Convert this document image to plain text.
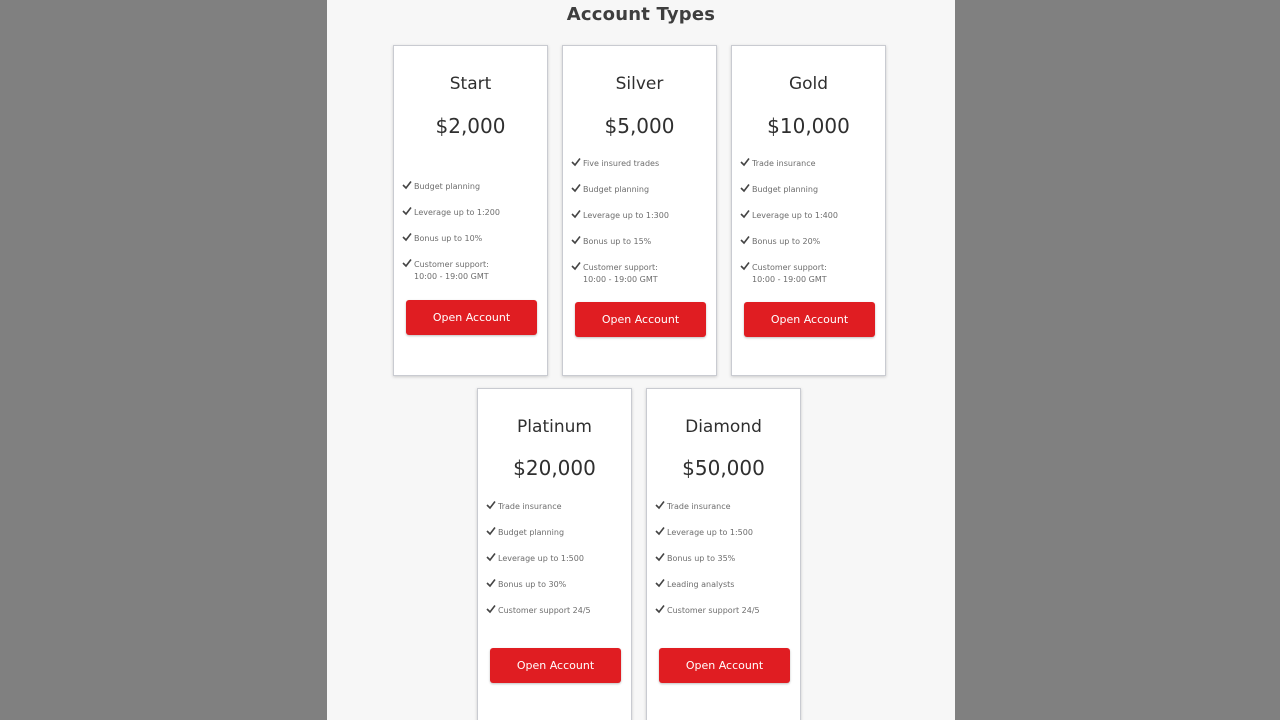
Account Types
Start
$2,000
Budget planning
Leverage up to 1:200
Bonus up to 10%
Customer support:
10:00 - 19:00 GMT
Open Account
Silver
$5,000
Five insured trades
Budget planning
Leverage up to 1:300
Bonus up to 15%
Customer support:
10:00 - 19:00 GMT
Open Account
Gold
$10,000
Trade insurance
Budget planning
Leverage up to 1:400
Bonus up to 20%
Customer support:
10:00 - 19:00 GMT
Open Account
Platinum
$20,000
Trade insurance
Budget planning
Leverage up to 1:500
Bonus up to 30%
Customer support 24/5
Open Account
Diamond
$50,000
Trade insurance
Leverage up to 1:500
Bonus up to 35%
Leading analysts
Customer support 24/5
Open Account
